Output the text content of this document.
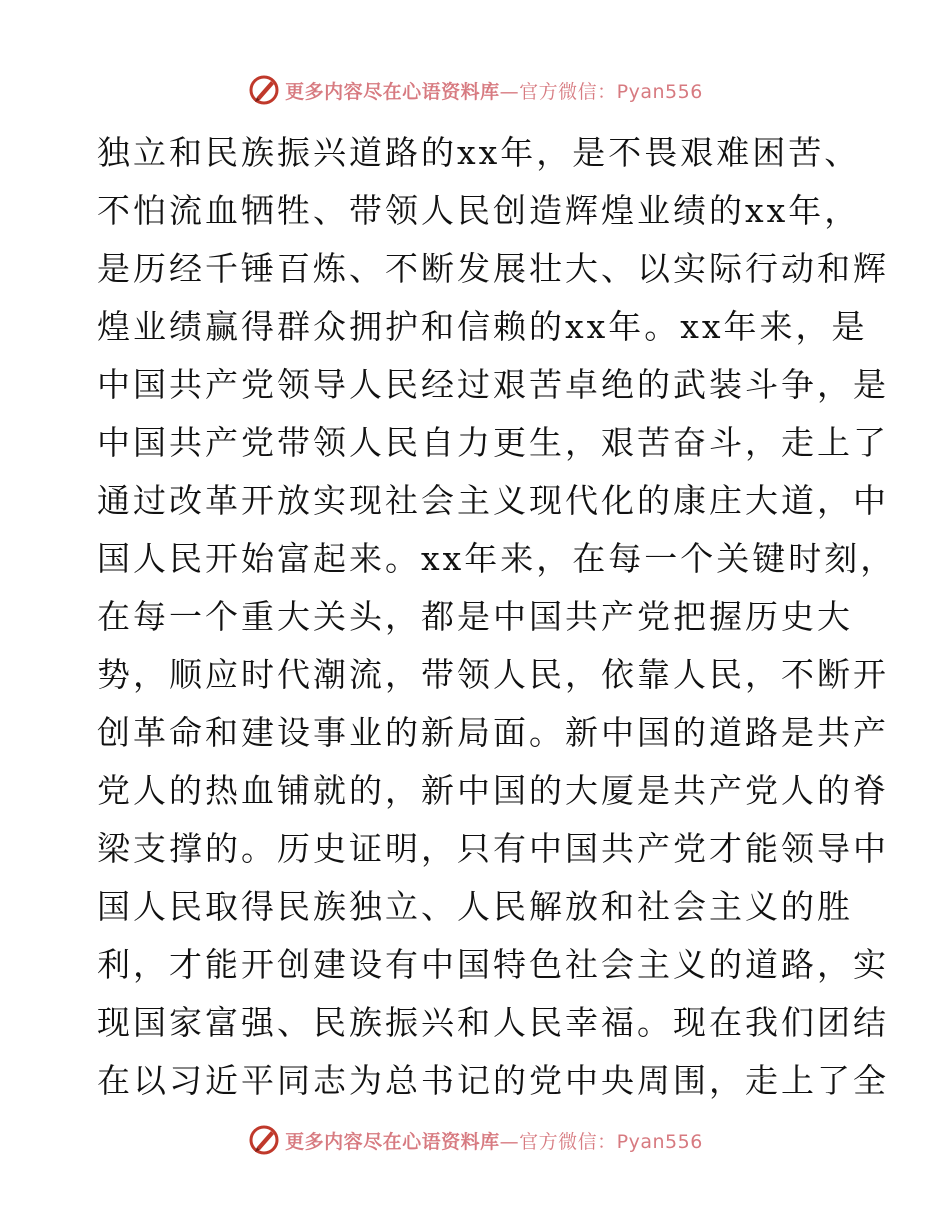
更多内容尽在心语资料库—官方微信：Pyan556
独立和民族振兴道路的xx年，是不畏艰难困苦、
不怕流血牺牲、带领人民创造辉煌业绩的xx年，
是历经千锤百炼、不断发展壮大、以实际行动和辉
煌业绩赢得群众拥护和信赖的xx年。xx年来，是
中国共产党领导人民经过艰苦卓绝的武装斗争，是
中国共产党带领人民自力更生，艰苦奋斗，走上了
通过改革开放实现社会主义现代化的康庄大道，中
国人民开始富起来。xx年来，在每一个关键时刻，
在每一个重大关头，都是中国共产党把握历史大
势，顺应时代潮流，带领人民，依靠人民，不断开
创革命和建设事业的新局面。新中国的道路是共产
党人的热血铺就的，新中国的大厦是共产党人的脊
梁支撑的。历史证明，只有中国共产党才能领导中
国人民取得民族独立、人民解放和社会主义的胜
利，才能开创建设有中国特色社会主义的道路，实
现国家富强、民族振兴和人民幸福。现在我们团结
在以习近平同志为总书记的党中央周围，走上了全
更多内容尽在心语资料库—官方微信：Pyan556
